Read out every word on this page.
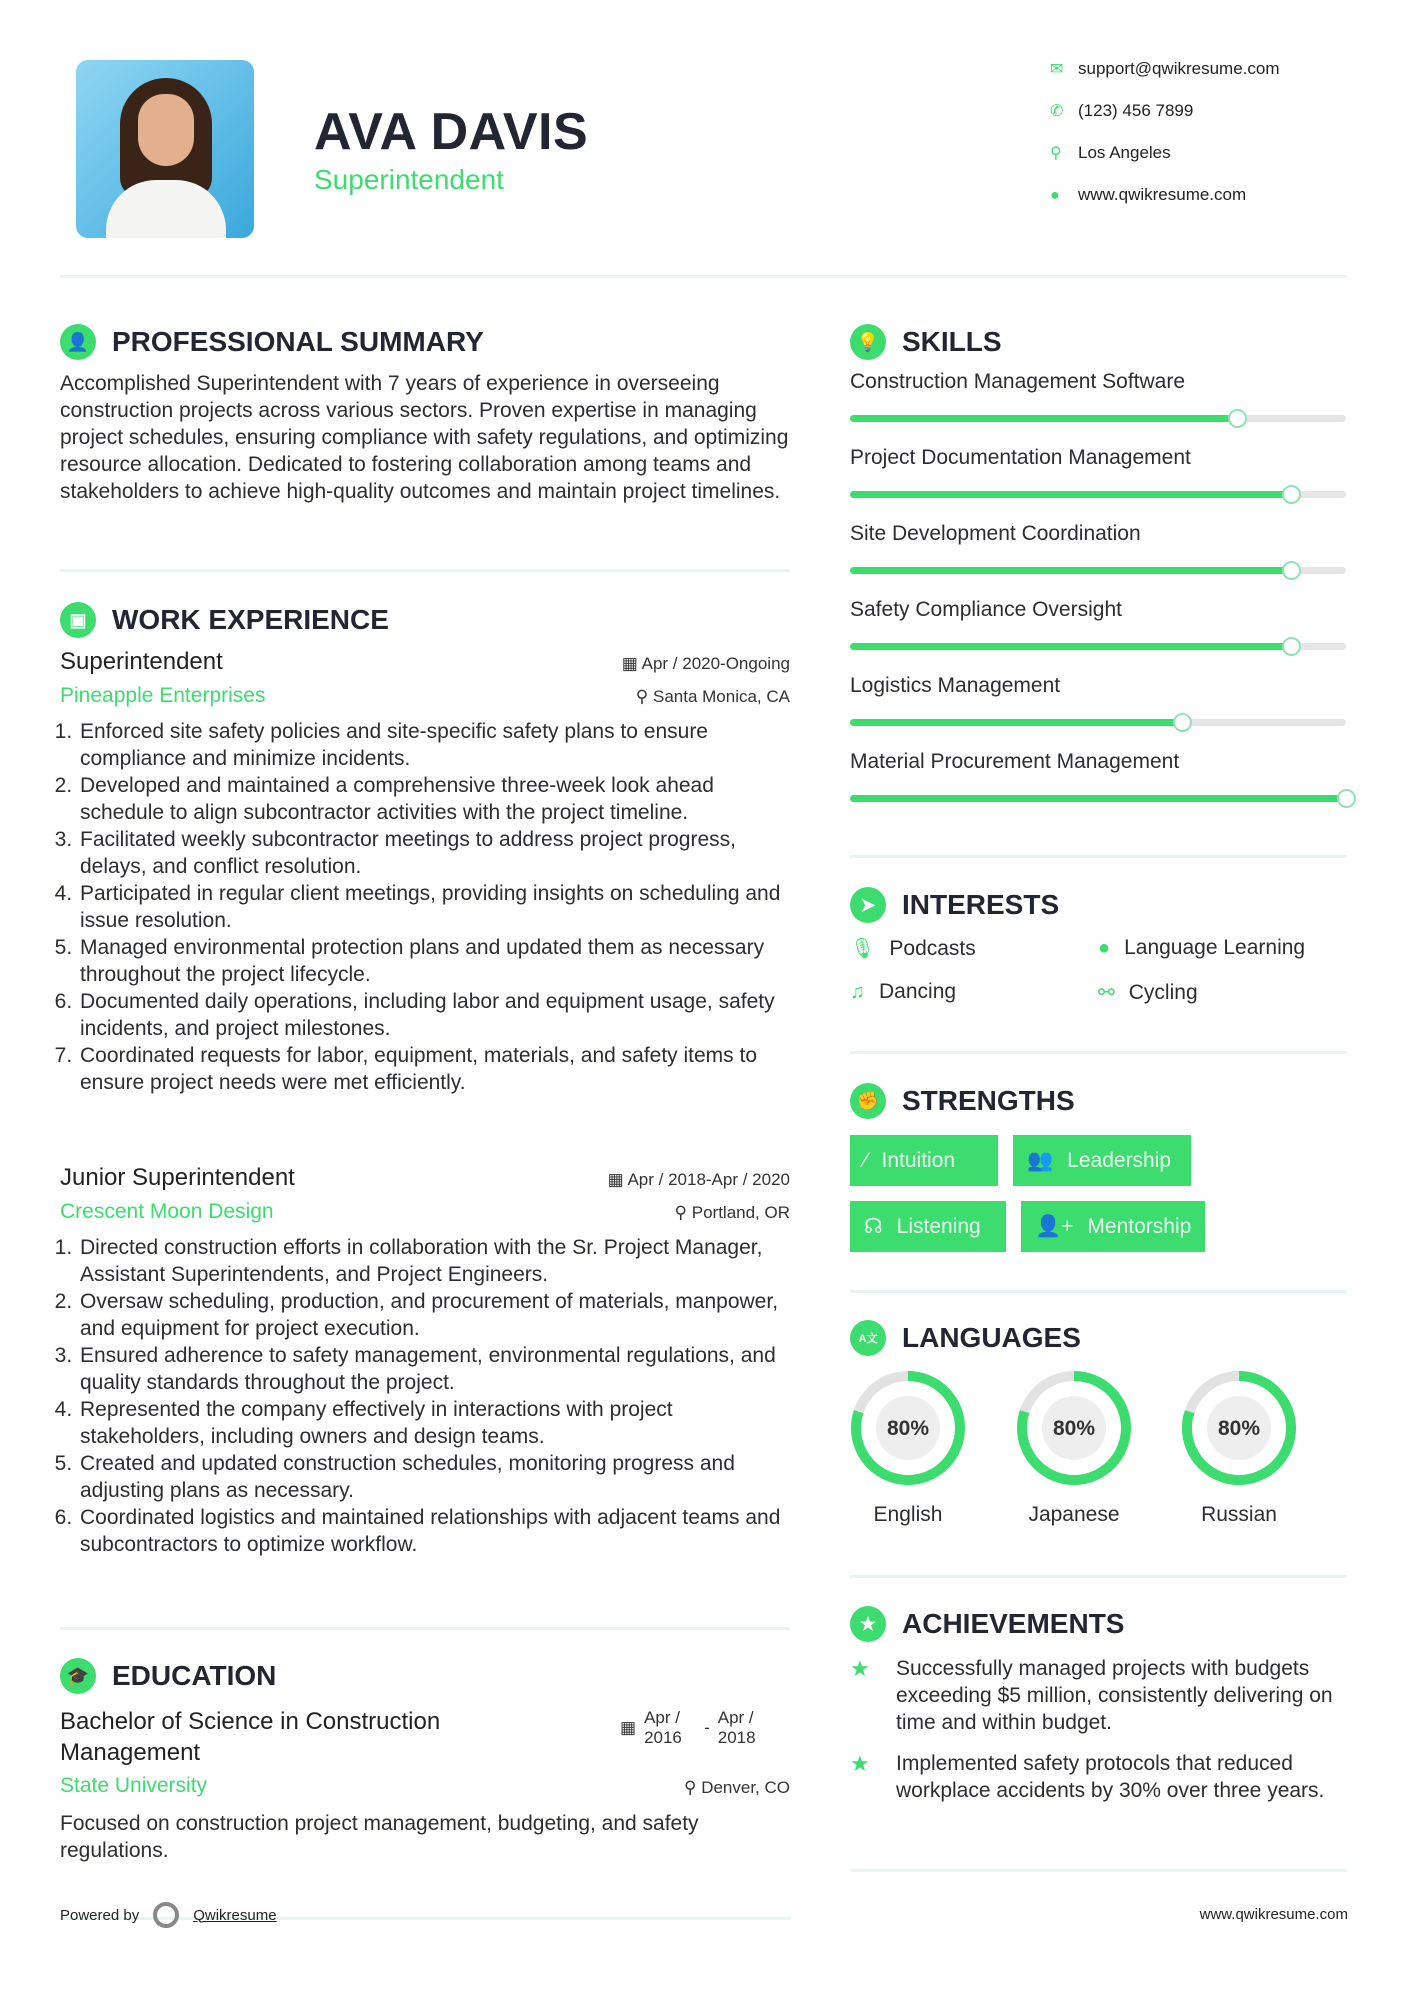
AVA DAVIS
Superintendent
✉ support@qwikresume.com
✆ (123) 456 7899
⚲ Los Angeles
● www.qwikresume.com
👤 PROFESSIONAL SUMMARY
Accomplished Superintendent with 7 years of experience in overseeing construction projects across various sectors. Proven expertise in managing project schedules, ensuring compliance with safety regulations, and optimizing resource allocation. Dedicated to fostering collaboration among teams and stakeholders to achieve high-quality outcomes and maintain project timelines.
▣ WORK EXPERIENCE
Superintendent	▦ Apr / 2020-Ongoing
Pineapple Enterprises	⚲ Santa Monica, CA
1. Enforced site safety policies and site-specific safety plans to ensure compliance and minimize incidents.
2. Developed and maintained a comprehensive three-week look ahead schedule to align subcontractor activities with the project timeline.
3. Facilitated weekly subcontractor meetings to address project progress, delays, and conflict resolution.
4. Participated in regular client meetings, providing insights on scheduling and issue resolution.
5. Managed environmental protection plans and updated them as necessary throughout the project lifecycle.
6. Documented daily operations, including labor and equipment usage, safety incidents, and project milestones.
7. Coordinated requests for labor, equipment, materials, and safety items to ensure project needs were met efficiently.
Junior Superintendent	▦ Apr / 2018-Apr / 2020
Crescent Moon Design	⚲ Portland, OR
1. Directed construction efforts in collaboration with the Sr. Project Manager, Assistant Superintendents, and Project Engineers.
2. Oversaw scheduling, production, and procurement of materials, manpower, and equipment for project execution.
3. Ensured adherence to safety management, environmental regulations, and quality standards throughout the project.
4. Represented the company effectively in interactions with project stakeholders, including owners and design teams.
5. Created and updated construction schedules, monitoring progress and adjusting plans as necessary.
6. Coordinated logistics and maintained relationships with adjacent teams and subcontractors to optimize workflow.
🎓 EDUCATION
Bachelor of Science in Construction Management
▦
Apr / 2016
-
Apr / 2018
State University	⚲ Denver, CO
Focused on construction project management, budgeting, and safety regulations.
💡 SKILLS
Construction Management Software
Project Documentation Management
Site Development Coordination
Safety Compliance Oversight
Logistics Management
Material Procurement Management
➤ INTERESTS
🎙 Podcasts	● Language Learning
♫ Dancing	⚯ Cycling
✊ STRENGTHS
⁄ Intuition	👥 Leadership
☊ Listening	👤+ Mentorship
A文 LANGUAGES
80%
English
80%
Japanese
80%
Russian
★ ACHIEVEMENTS
★	Successfully managed projects with budgets exceeding $5 million, consistently delivering on time and within budget.
★	Implemented safety protocols that reduced workplace accidents by 30% over three years.
Powered by	Qwikresume	www.qwikresume.com
